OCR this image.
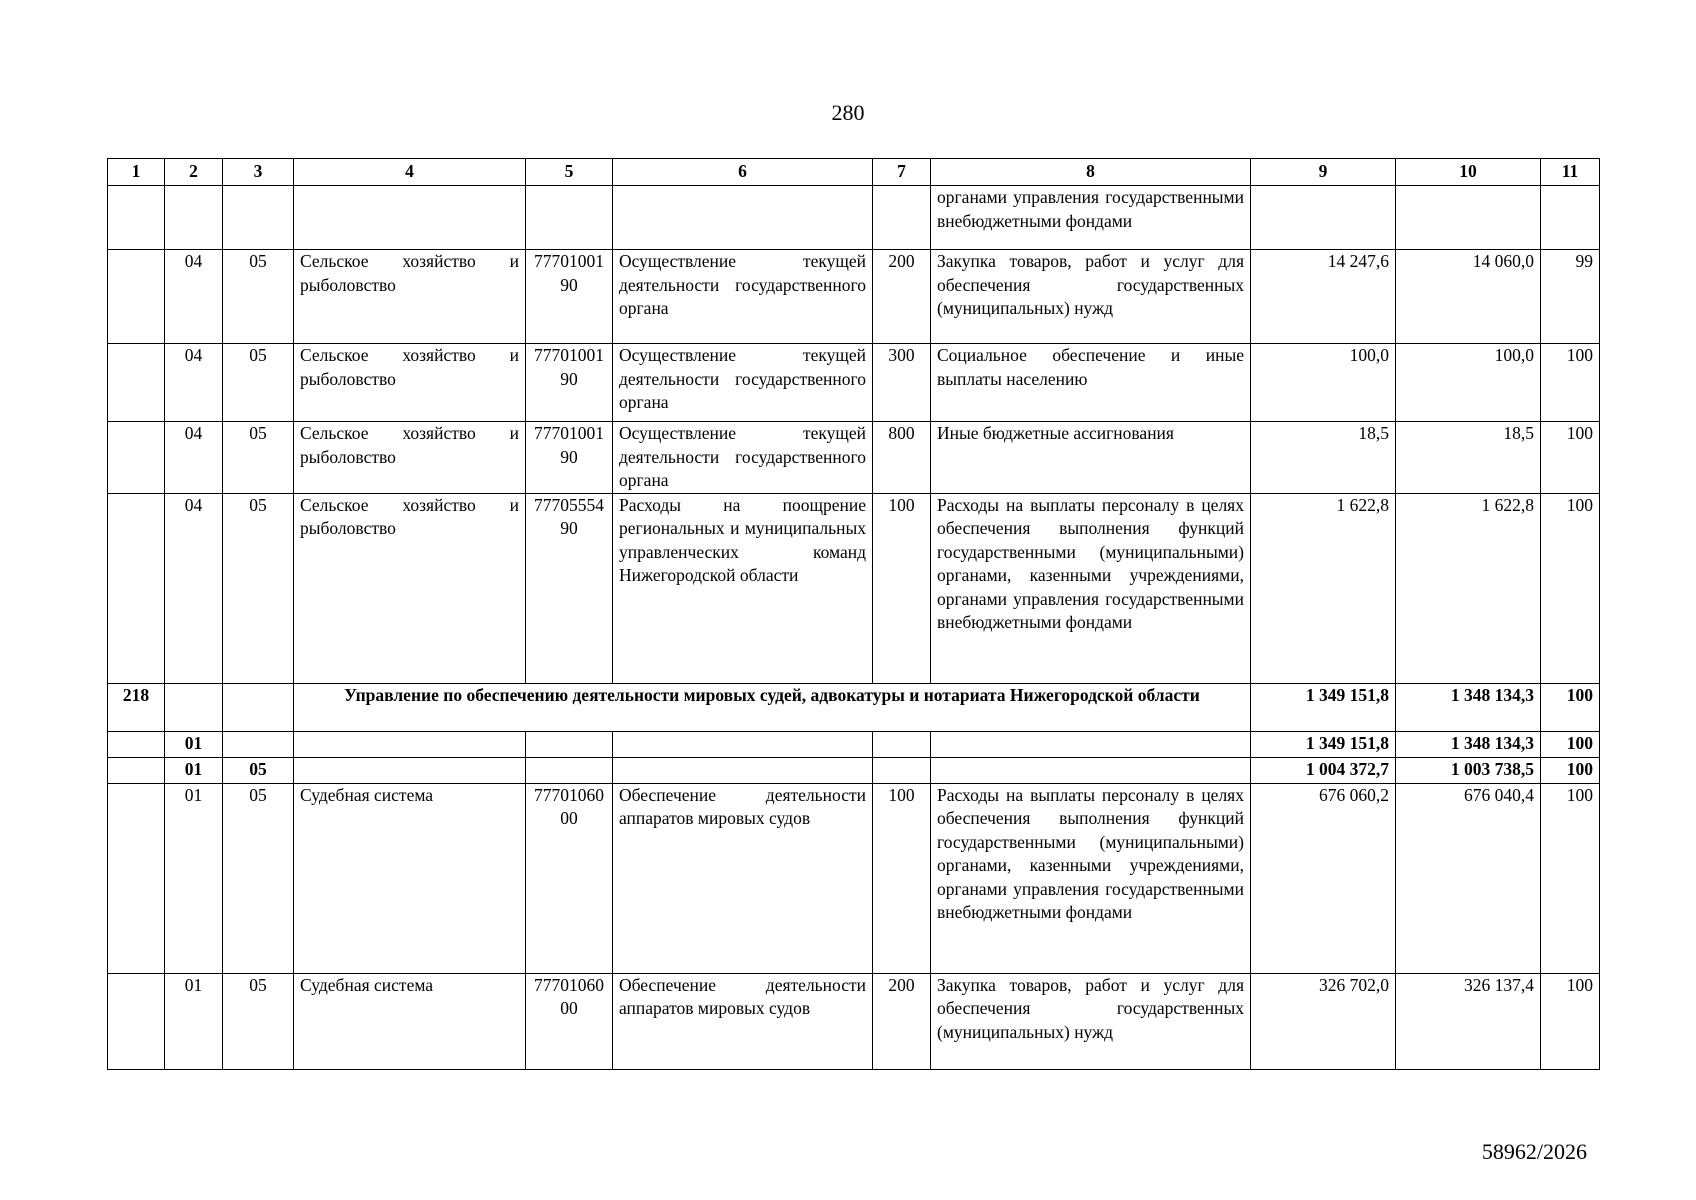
280
1	2	3	4	5	6	7	8	9	10	11
							органами управления государственными внебюджетными фондами			
	04	05	Сельское хозяйство и рыболовство	7770100190	Осуществление текущей деятельности государственного органа	200	Закупка товаров, работ и услуг для обеспечения государственных (муниципальных) нужд	14 247,6	14 060,0	99
	04	05	Сельское хозяйство и рыболовство	7770100190	Осуществление текущей деятельности государственного органа	300	Социальное обеспечение и иные выплаты населению	100,0	100,0	100
	04	05	Сельское хозяйство и рыболовство	7770100190	Осуществление текущей деятельности государственного органа	800	Иные бюджетные ассигнования	18,5	18,5	100
	04	05	Сельское хозяйство и рыболовство	7770555490	Расходы на поощрение региональных и муниципальных управленческих команд Нижегородской области	100	Расходы на выплаты персоналу в целях обеспечения выполнения функций государственными (муниципальными) органами, казенными учреждениями, органами управления государственными внебюджетными фондами	1 622,8	1 622,8	100
218			Управление по обеспечению деятельности мировых судей, адвокатуры и нотариата Нижегородской области					1 349 151,8	1 348 134,3	100
	01							1 349 151,8	1 348 134,3	100
	01	05						1 004 372,7	1 003 738,5	100
	01	05	Судебная система	7770106000	Обеспечение деятельности аппаратов мировых судов	100	Расходы на выплаты персоналу в целях обеспечения выполнения функций государственными (муниципальными) органами, казенными учреждениями, органами управления государственными внебюджетными фондами	676 060,2	676 040,4	100
	01	05	Судебная система	7770106000	Обеспечение деятельности аппаратов мировых судов	200	Закупка товаров, работ и услуг для обеспечения государственных (муниципальных) нужд	326 702,0	326 137,4	100
58962/2026
